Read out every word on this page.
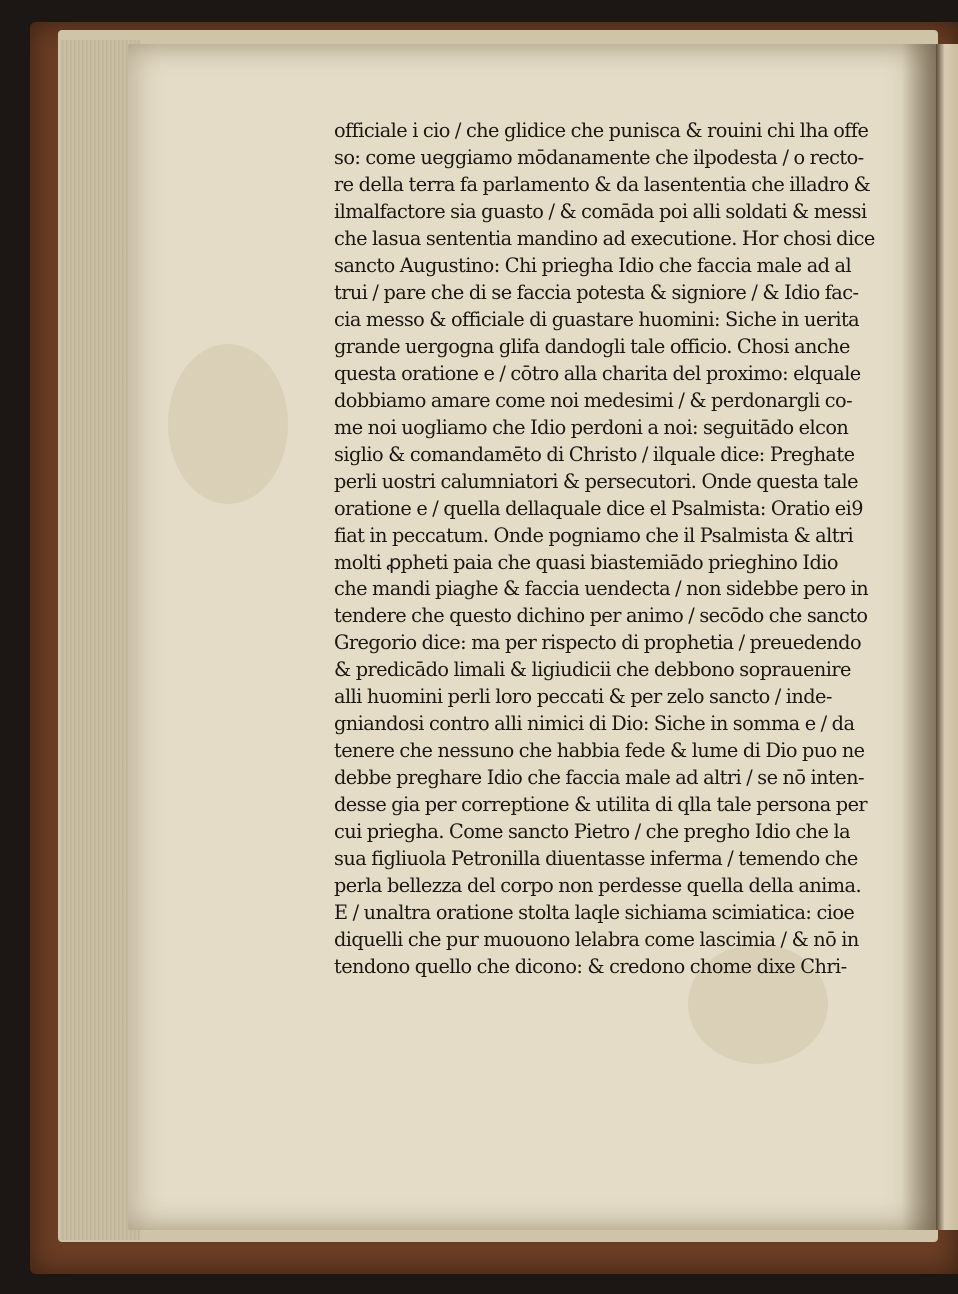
officiale i cio / che glidice che punisca & rouini chi lha offe
so: come ueggiamo mōdanamente che ilpodesta / o recto-
re della terra fa parlamento & da lasententia che illadro &
ilmalfactore sia guasto / & comāda poi alli soldati & messi
che lasua sententia mandino ad executione. Hor chosi dice
sancto Augustino: Chi priegha Idio che faccia male ad al
trui / pare che di se faccia potesta & signiore / & Idio fac-
cia messo & officiale di guastare huomini: Siche in uerita
grande uergogna glifa dandogli tale officio. Chosi anche
questa oratione e / cōtro alla charita del proximo: elquale
dobbiamo amare come noi medesimi / & perdonargli co-
me noi uogliamo che Idio perdoni a noi: seguitādo elcon
siglio & comandamēto di Christo / ilquale dice: Preghate
perli uostri calumniatori & persecutori. Onde questa tale
oratione e / quella dellaquale dice el Psalmista: Oratio ei9
fiat in peccatum. Onde pogniamo che il Psalmista & altri
molti ꝓpheti paia che quasi biastemiādo prieghino Idio
che mandi piaghe & faccia uendecta / non sidebbe pero in
tendere che questo dichino per animo / secōdo che sancto
Gregorio dice: ma per rispecto di prophetia / preuedendo
& predicādo limali & ligiudicii che debbono soprauenire
alli huomini perli loro peccati & per zelo sancto / inde-
gniandosi contro alli nimici di Dio: Siche in somma e / da
tenere che nessuno che habbia fede & lume di Dio puo ne
debbe preghare Idio che faccia male ad altri / se nō inten-
desse gia per correptione & utilita di qlla tale persona per
cui priegha. Come sancto Pietro / che pregho Idio che la
sua figliuola Petronilla diuentasse inferma / temendo che
perla bellezza del corpo non perdesse quella della anima.
E / unaltra oratione stolta laqle sichiama scimiatica: cioe
diquelli che pur muouono lelabra come lascimia / & nō in
tendono quello che dicono: & credono chome dixe Chri-
